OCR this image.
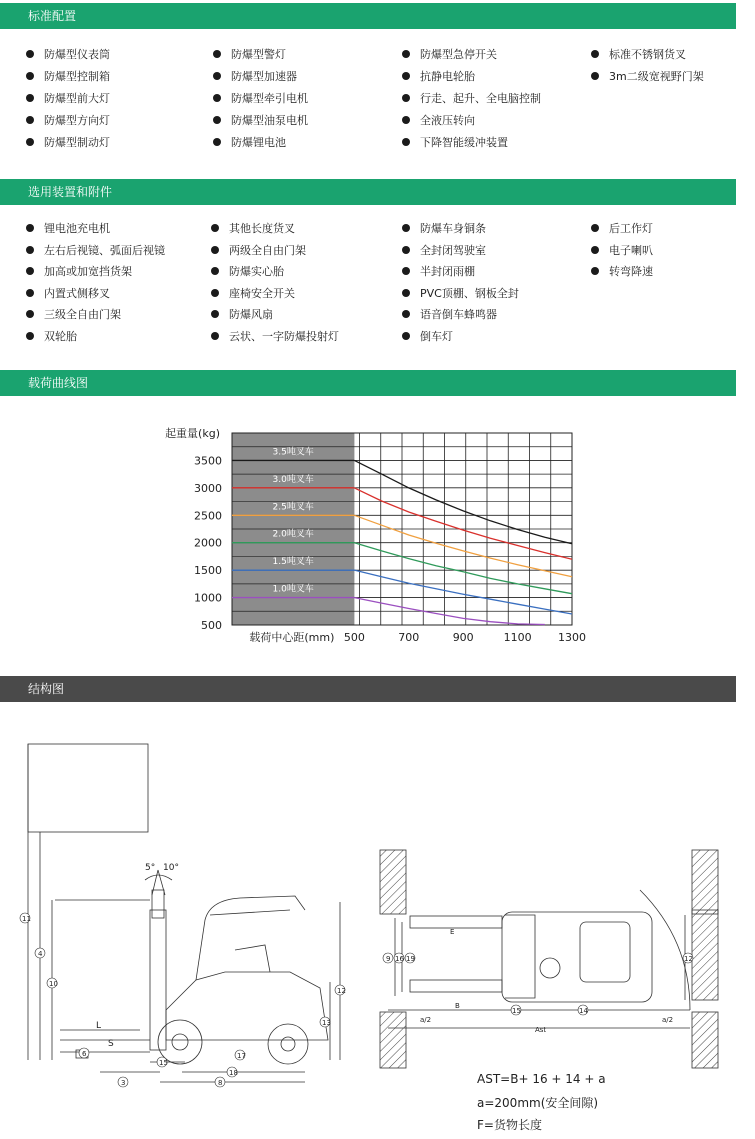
标准配置
防爆型仪表筒
防爆型控制箱
防爆型前大灯
防爆型方向灯
防爆型制动灯
防爆型警灯
防爆型加速器
防爆型牵引电机
防爆型油泵电机
防爆锂电池
防爆型急停开关
抗静电轮胎
行走、起升、全电脑控制
全液压转向
下降智能缓冲装置
标准不锈钢货叉
3m二级宽视野门架
选用装置和附件
锂电池充电机
左右后视镜、弧面后视镜
加高或加宽挡货架
内置式侧移叉
三级全自由门架
双轮胎
其他长度货叉
两级全自由门架
防爆实心胎
座椅安全开关
防爆风扇
云状、一字防爆投射灯
防爆车身铜条
全封闭驾驶室
半封闭雨棚
PVC顶棚、钢板全封
语音倒车蜂鸣器
倒车灯
后工作灯
电子喇叭
转弯降速
载荷曲线图
3.5吨叉车
3.0吨叉车
2.5吨叉车
2.0吨叉车
1.5吨叉车
1.0吨叉车
500
1000
1500
2000
2500
3000
3500
500	700	900	1100 1300
起重量(kg)
载荷中心距(mm)
结构图
5° 10°
L
S
11
4
10
12
13
15
8
18
3
17
6
E
B
a/2	a/2
Ast
9 16 19
14
15
12
AST=B+ 16 + 14 + a
a=200mm(安全间隙)
F=货物长度
